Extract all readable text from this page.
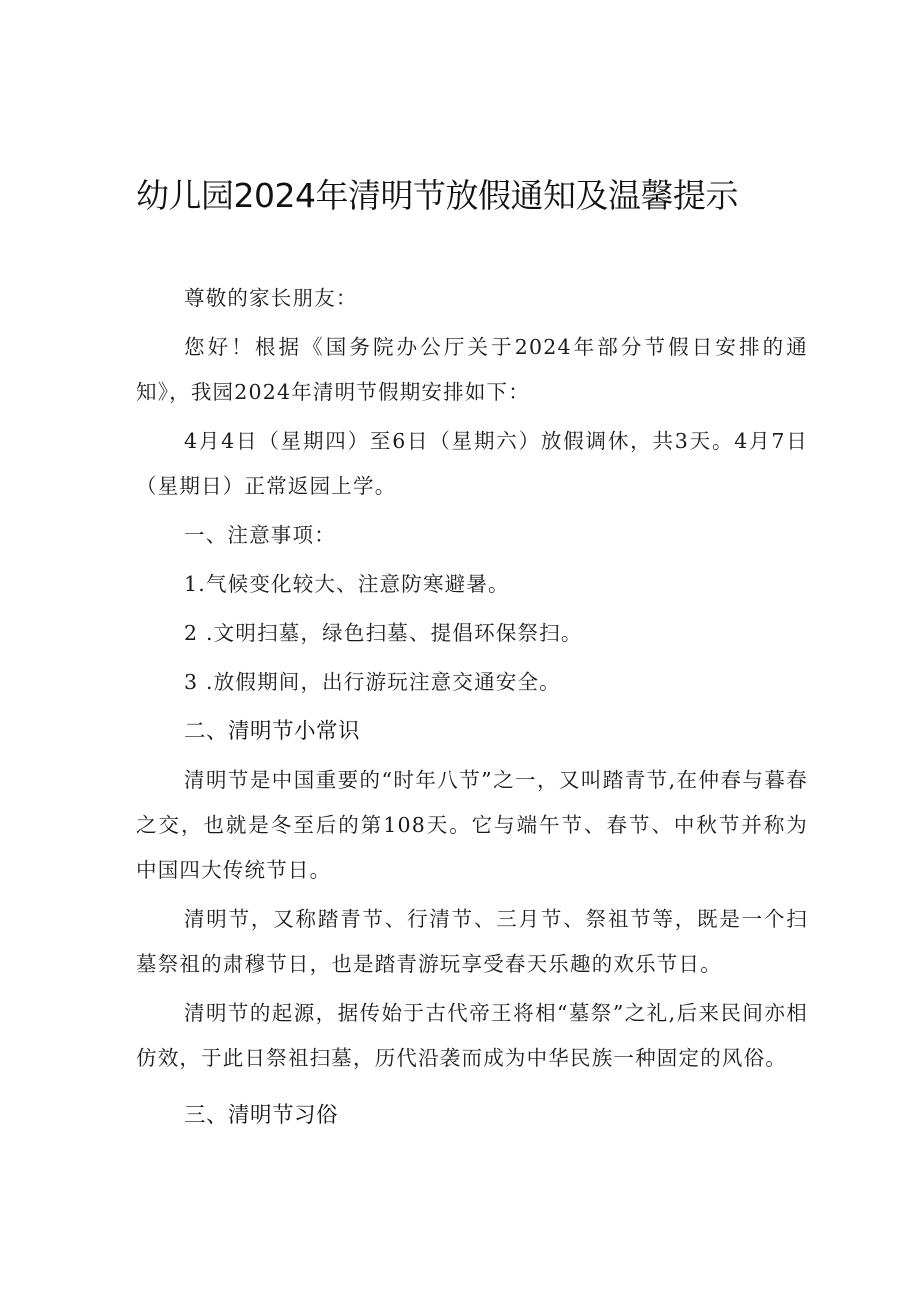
幼儿园2024年清明节放假通知及温馨提示

尊敬的家长朋友：

您好！根据《国务院办公厅关于2024年部分节假日安排的通知》，我园2024年清明节假期安排如下：

4月4日（星期四）至6日（星期六）放假调休，共3天。4月7日（星期日）正常返园上学。

一、注意事项：

1.气候变化较大、注意防寒避暑。

2 .文明扫墓，绿色扫墓、提倡环保祭扫。

3 .放假期间，出行游玩注意交通安全。

二、清明节小常识

清明节是中国重要的“时年八节”之一，又叫踏青节,在仲春与暮春之交，也就是冬至后的第108天。它与端午节、春节、中秋节并称为中国四大传统节日。

清明节，又称踏青节、行清节、三月节、祭祖节等，既是一个扫墓祭祖的肃穆节日，也是踏青游玩享受春天乐趣的欢乐节日。

清明节的起源，据传始于古代帝王将相“墓祭”之礼,后来民间亦相仿效，于此日祭祖扫墓，历代沿袭而成为中华民族一种固定的风俗。

三、清明节习俗
